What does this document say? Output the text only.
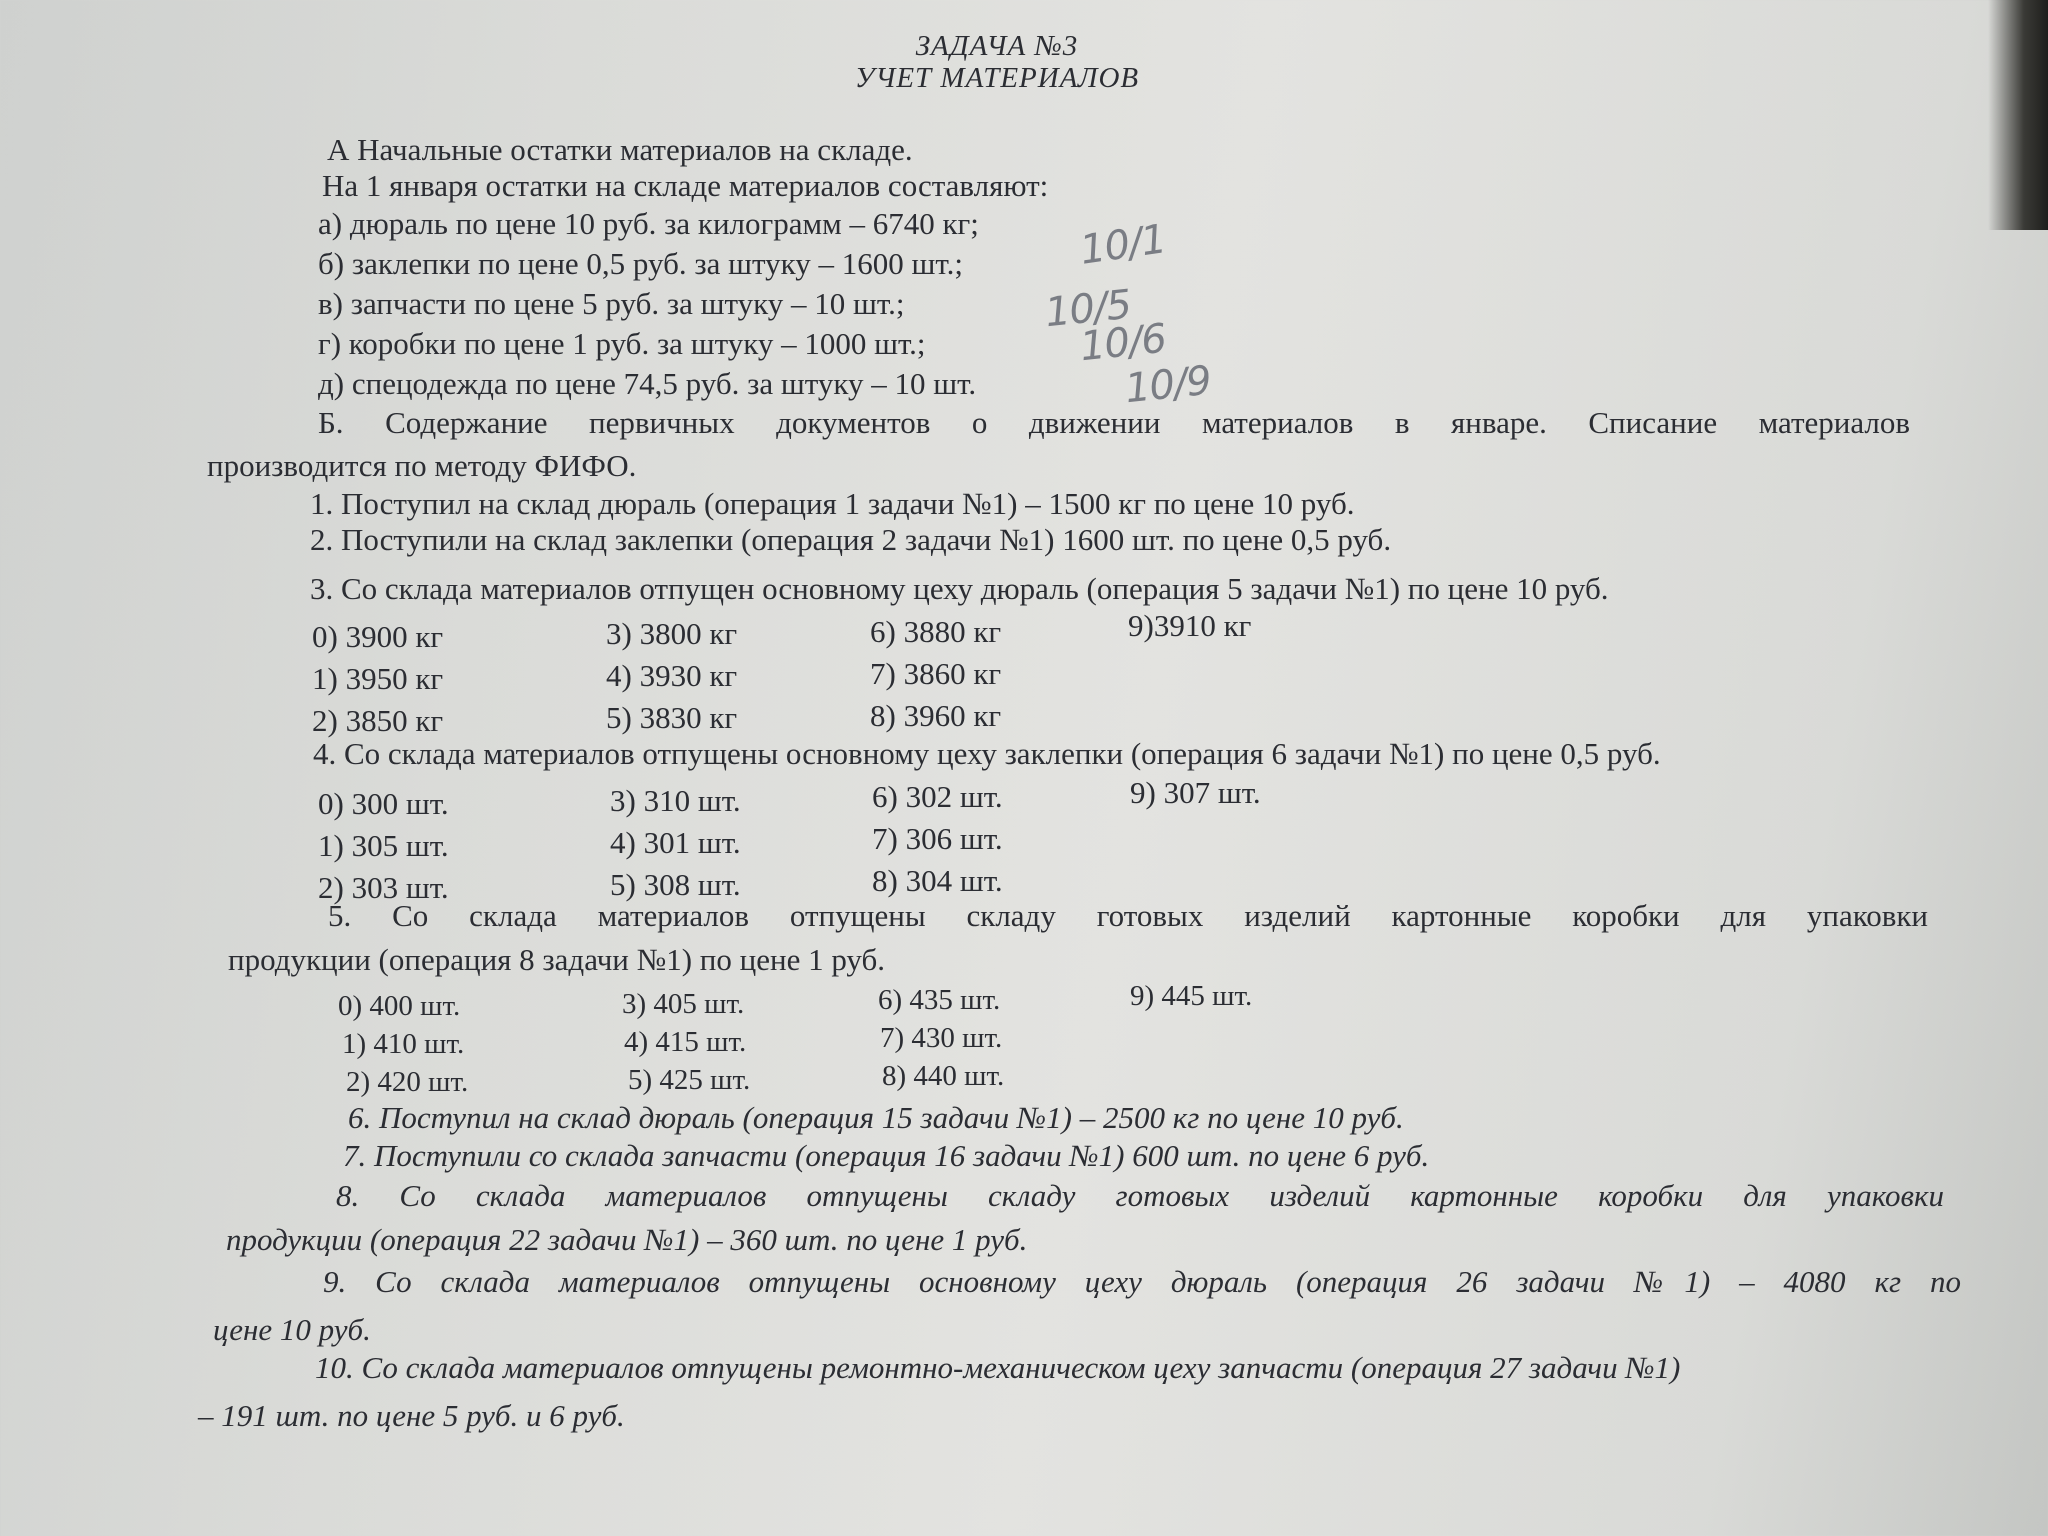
ЗАДАЧА №3
УЧЕТ МАТЕРИАЛОВ
А Начальные остатки материалов на складе.
На 1 января остатки на складе материалов составляют:
а) дюраль по цене 10 руб. за килограмм – 6740 кг;
б) заклепки по цене 0,5 руб. за штуку – 1600 шт.;
в) запчасти по цене 5 руб. за штуку – 10 шт.;
г) коробки по цене 1 руб. за штуку – 1000 шт.;
д) спецодежда по цене 74,5 руб. за штуку – 10 шт.
10/1
10/5
10/6
10/9
Б. Содержание первичных документов о движении материалов в январе. Списание материалов
производится по методу ФИФО.
1. Поступил на склад дюраль (операция 1 задачи №1) – 1500 кг по цене 10 руб.
2. Поступили на склад заклепки (операция 2 задачи №1) 1600 шт. по цене 0,5 руб.
3. Со склада материалов отпущен основному цеху дюраль (операция 5 задачи №1) по цене 10 руб.
0) 3900 кг
1) 3950 кг
2) 3850 кг
3) 3800 кг
4) 3930 кг
5) 3830 кг
6) 3880 кг
7) 3860 кг
8) 3960 кг
9)3910 кг
4. Со склада материалов отпущены основному цеху заклепки (операция 6 задачи №1) по цене 0,5 руб.
0) 300 шт.
1) 305 шт.
2) 303 шт.
3) 310 шт.
4) 301 шт.
5) 308 шт.
6) 302 шт.
7) 306 шт.
8) 304 шт.
9) 307 шт.
5. Со склада материалов отпущены складу готовых изделий картонные коробки для упаковки
продукции (операция 8 задачи №1) по цене 1 руб.
0) 400 шт.
1) 410 шт.
2) 420 шт.
3) 405 шт.
4) 415 шт.
5) 425 шт.
6) 435 шт.
7) 430 шт.
8) 440 шт.
9) 445 шт.
6. Поступил на склад дюраль (операция 15 задачи №1) – 2500 кг по цене 10 руб.
7. Поступили со склада запчасти (операция 16 задачи №1) 600 шт. по цене 6 руб.
8. Со склада материалов отпущены складу готовых изделий картонные коробки для упаковки
продукции (операция 22 задачи №1) – 360 шт. по цене 1 руб.
9. Со склада материалов отпущены основному цеху дюраль (операция 26 задачи №1) – 4080 кг по
цене 10 руб.
10. Со склада материалов отпущены ремонтно-механическом цеху запчасти (операция 27 задачи №1)
– 191 шт. по цене 5 руб. и 6 руб.
